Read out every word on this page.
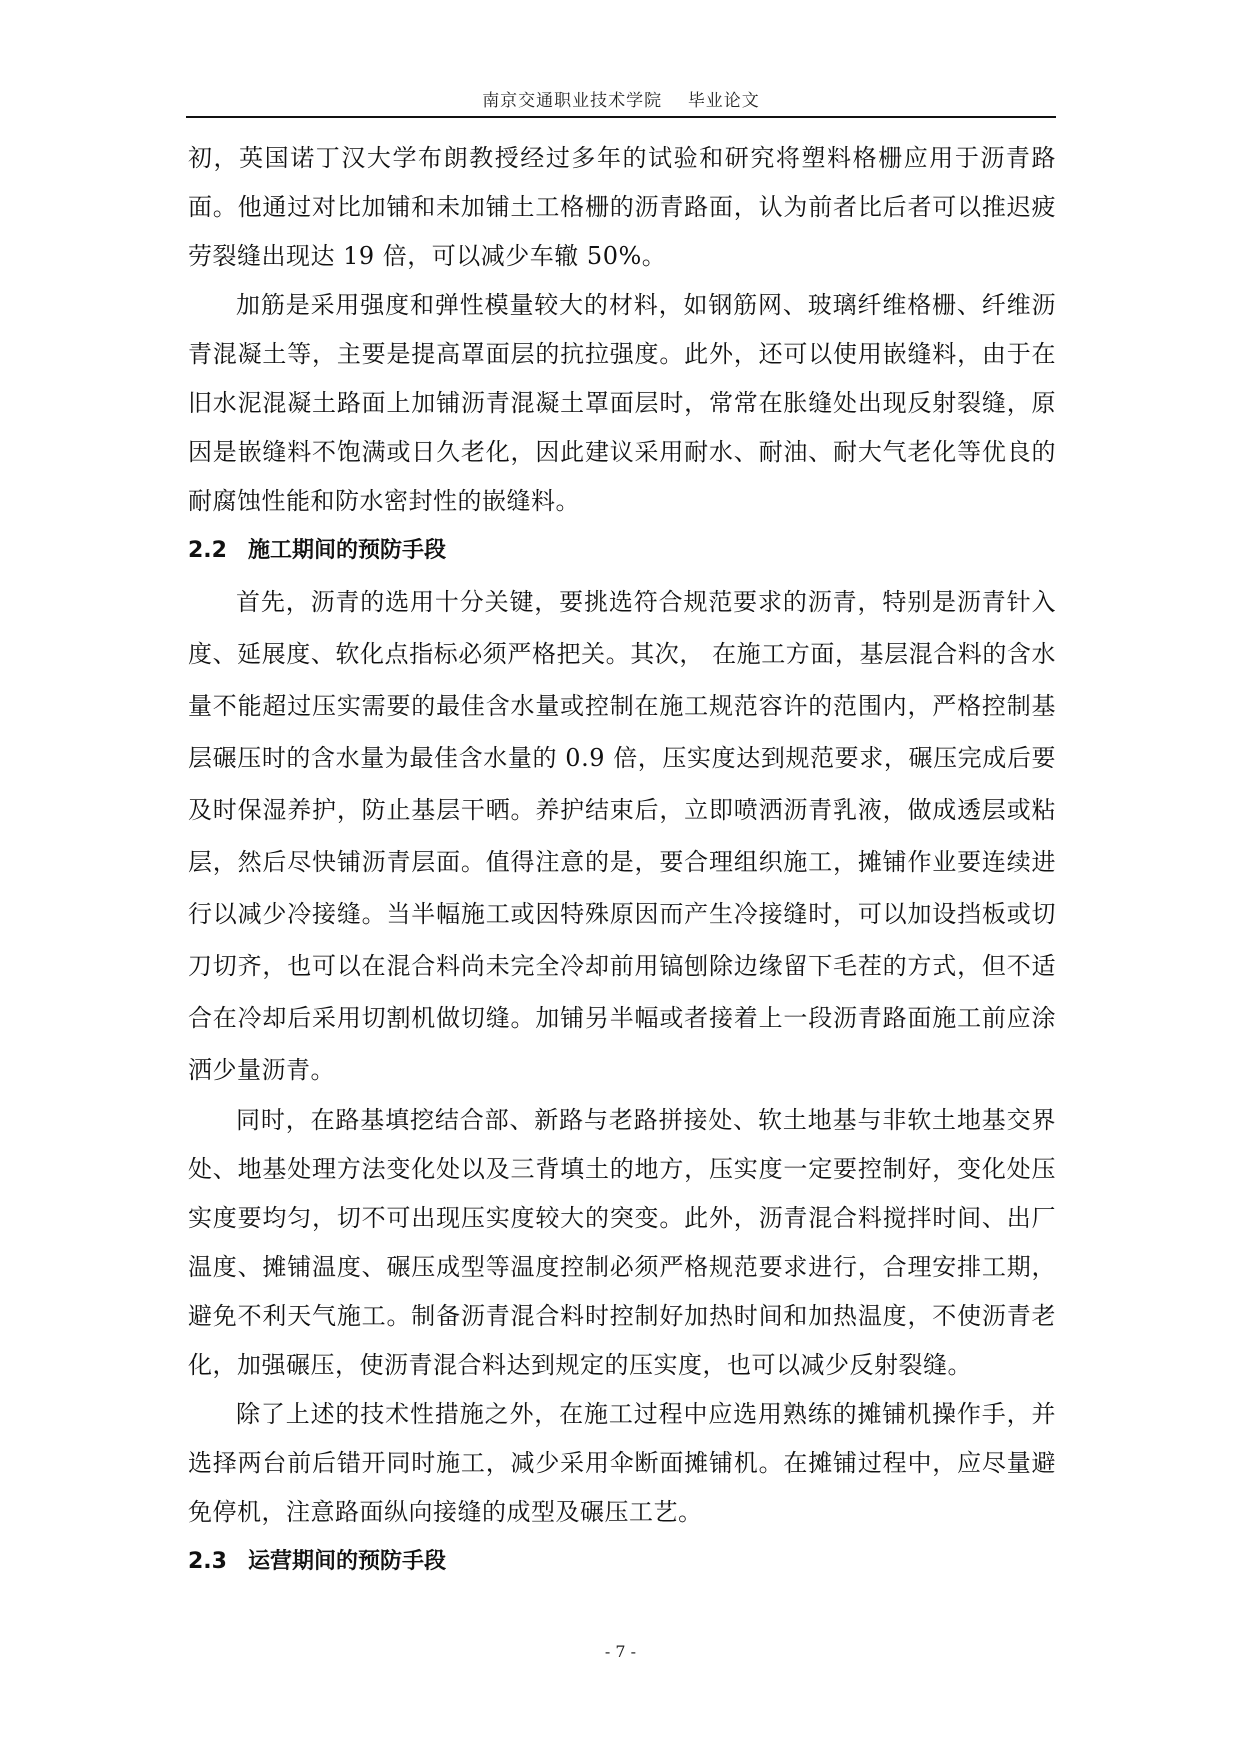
南京交通职业技术学院 毕业论文

初，英国诺丁汉大学布朗教授经过多年的试验和研究将塑料格栅应用于沥青路面。他通过对比加铺和未加铺土工格栅的沥青路面，认为前者比后者可以推迟疲劳裂缝出现达 19 倍，可以减少车辙 50%。

加筋是采用强度和弹性模量较大的材料，如钢筋网、玻璃纤维格栅、纤维沥青混凝土等，主要是提高罩面层的抗拉强度。此外，还可以使用嵌缝料，由于在旧水泥混凝土路面上加铺沥青混凝土罩面层时，常常在胀缝处出现反射裂缝，原因是嵌缝料不饱满或日久老化，因此建议采用耐水、耐油、耐大气老化等优良的耐腐蚀性能和防水密封性的嵌缝料。

2.2 施工期间的预防手段

首先，沥青的选用十分关键，要挑选符合规范要求的沥青，特别是沥青针入度、延展度、软化点指标必须严格把关。其次， 在施工方面，基层混合料的含水量不能超过压实需要的最佳含水量或控制在施工规范容许的范围内，严格控制基层碾压时的含水量为最佳含水量的 0.9 倍，压实度达到规范要求，碾压完成后要及时保湿养护，防止基层干晒。养护结束后，立即喷洒沥青乳液，做成透层或粘层，然后尽快铺沥青层面。值得注意的是，要合理组织施工，摊铺作业要连续进行以减少冷接缝。当半幅施工或因特殊原因而产生冷接缝时，可以加设挡板或切刀切齐，也可以在混合料尚未完全冷却前用镐刨除边缘留下毛茬的方式，但不适合在冷却后采用切割机做切缝。加铺另半幅或者接着上一段沥青路面施工前应涂洒少量沥青。

同时，在路基填挖结合部、新路与老路拼接处、软土地基与非软土地基交界处、地基处理方法变化处以及三背填土的地方，压实度一定要控制好，变化处压实度要均匀，切不可出现压实度较大的突变。此外，沥青混合料搅拌时间、出厂温度、摊铺温度、碾压成型等温度控制必须严格规范要求进行，合理安排工期，避免不利天气施工。制备沥青混合料时控制好加热时间和加热温度，不使沥青老化，加强碾压，使沥青混合料达到规定的压实度，也可以减少反射裂缝。

除了上述的技术性措施之外，在施工过程中应选用熟练的摊铺机操作手，并选择两台前后错开同时施工，减少采用伞断面摊铺机。在摊铺过程中，应尽量避免停机，注意路面纵向接缝的成型及碾压工艺。

2.3 运营期间的预防手段
- 7 -
